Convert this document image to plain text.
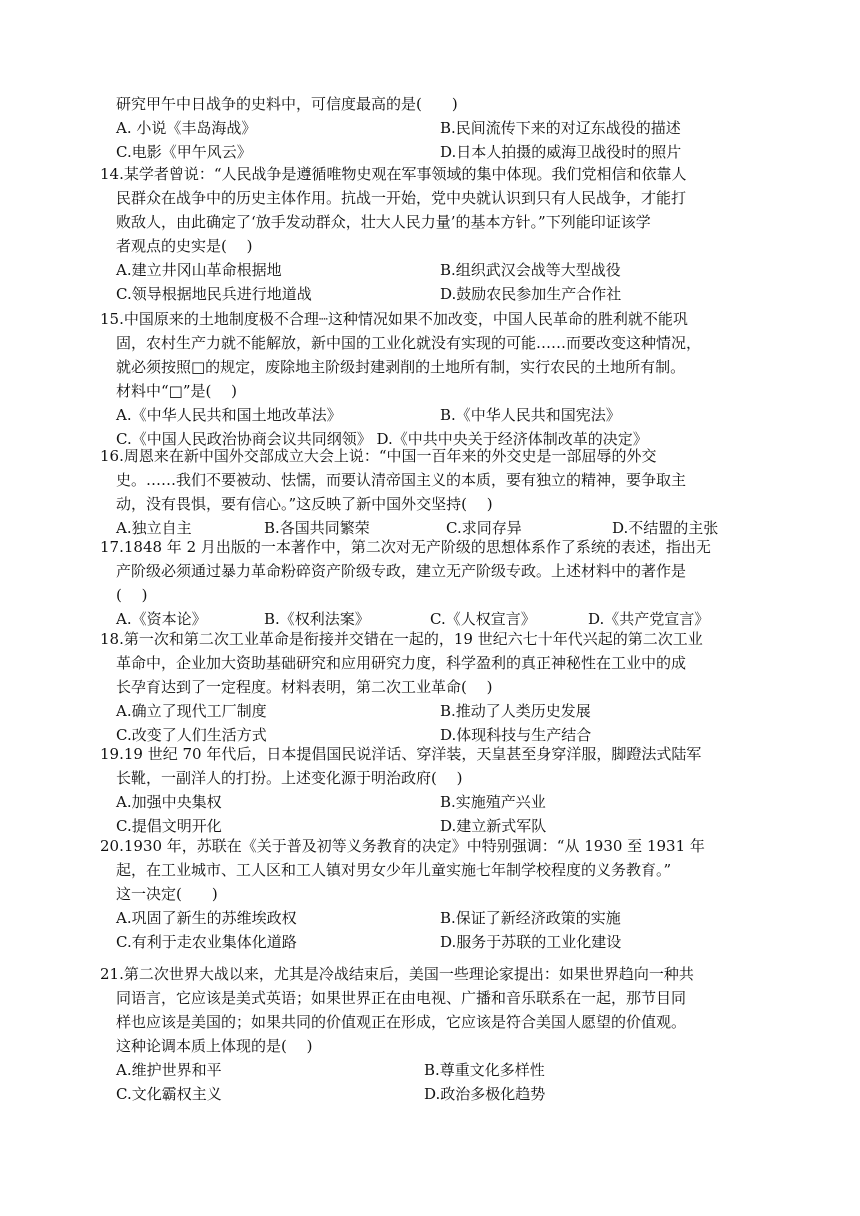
研究甲午中日战争的史料中，可信度最高的是(　　)
A. 小说《丰岛海战》	B.民间流传下来的对辽东战役的描述
C.电影《甲午风云》	D.日本人拍摄的威海卫战役时的照片
14.某学者曾说：“人民战争是遵循唯物史观在军事领域的集中体现。我们党相信和依靠人
民群众在战争中的历史主体作用。抗战一开始，党中央就认识到只有人民战争，才能打
败敌人，由此确定了‘放手发动群众，壮大人民力量’的基本方针。”下列能印证该学
者观点的史实是(　 )
A.建立井冈山革命根据地	B.组织武汉会战等大型战役
C.领导根据地民兵进行地道战	D.鼓励农民参加生产合作社
15.中国原来的土地制度极不合理┈这种情况如果不加改变，中国人民革命的胜利就不能巩
固，农村生产力就不能解放，新中国的工业化就没有实现的可能……而要改变这种情况，
就必须按照□的规定，废除地主阶级封建剥削的土地所有制，实行农民的土地所有制。
材料中“□”是(　 )
A.《中华人民共和国土地改革法》	B.《中华人民共和国宪法》
C.《中国人民政治协商会议共同纲领》 D.《中共中央关于经济体制改革的决定》
16.周恩来在新中国外交部成立大会上说：“中国一百年来的外交史是一部屈辱的外交
史。……我们不要被动、怯懦，而要认清帝国主义的本质，要有独立的精神，要争取主
动，没有畏惧，要有信心。”这反映了新中国外交坚持(　 )
A.独立自主	B.各国共同繁荣	C.求同存异	D.不结盟的主张
17.1848 年 2 月出版的一本著作中，第二次对无产阶级的思想体系作了系统的表述，指出无
产阶级必须通过暴力革命粉碎资产阶级专政，建立无产阶级专政。上述材料中的著作是
(　 )
A.《资本论》	B.《权利法案》	C.《人权宣言》	D.《共产党宣言》
18.第一次和第二次工业革命是衔接并交错在一起的，19 世纪六七十年代兴起的第二次工业
革命中，企业加大资助基础研究和应用研究力度，科学盈利的真正神秘性在工业中的成
长孕育达到了一定程度。材料表明，第二次工业革命(　 )
A.确立了现代工厂制度	B.推动了人类历史发展
C.改变了人们生活方式	D.体现科技与生产结合
19.19 世纪 70 年代后，日本提倡国民说洋话、穿洋装，天皇甚至身穿洋服，脚蹬法式陆军
长靴，一副洋人的打扮。上述变化源于明治政府(　 )
A.加强中央集权	B.实施殖产兴业
C.提倡文明开化	D.建立新式军队
20.1930 年，苏联在《关于普及初等义务教育的决定》中特别强调：“从 1930 至 1931 年
起，在工业城市、工人区和工人镇对男女少年儿童实施七年制学校程度的义务教育。”
这一决定(　　)
A.巩固了新生的苏维埃政权	B.保证了新经济政策的实施
C.有利于走农业集体化道路	D.服务于苏联的工业化建设
21.第二次世界大战以来，尤其是冷战结束后，美国一些理论家提出：如果世界趋向一种共
同语言，它应该是美式英语；如果世界正在由电视、广播和音乐联系在一起，那节目同
样也应该是美国的；如果共同的价值观正在形成，它应该是符合美国人愿望的价值观。
这种论调本质上体现的是(　 )
A.维护世界和平	B.尊重文化多样性
C.文化霸权主义	D.政治多极化趋势
